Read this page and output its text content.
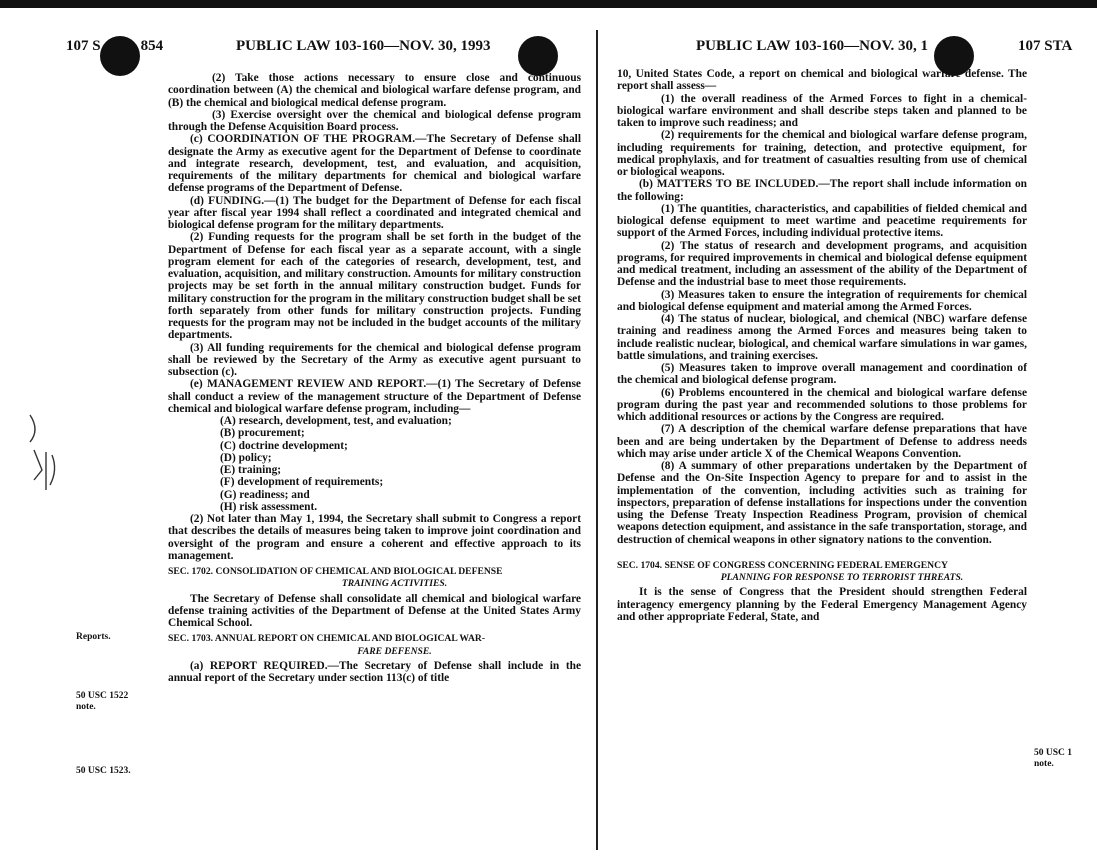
107 S	854	PUBLIC LAW 103-160—NOV. 30, 1993
Reports.
50 USC 1522
note.
50 USC 1523.

(2) Take those actions necessary to ensure close and continuous coordination between (A) the chemical and biological warfare defense program, and (B) the chemical and biological medical defense program.

(3) Exercise oversight over the chemical and biological defense program through the Defense Acquisition Board process.

(c) COORDINATION OF THE PROGRAM.—The Secretary of Defense shall designate the Army as executive agent for the Department of Defense to coordinate and integrate research, development, test, and evaluation, and acquisition, requirements of the military departments for chemical and biological warfare defense programs of the Department of Defense.

(d) FUNDING.—(1) The budget for the Department of Defense for each fiscal year after fiscal year 1994 shall reflect a coordinated and integrated chemical and biological defense program for the military departments.

(2) Funding requests for the program shall be set forth in the budget of the Department of Defense for each fiscal year as a separate account, with a single program element for each of the categories of research, development, test, and evaluation, acquisition, and military construction. Amounts for military construction projects may be set forth in the annual military construction budget. Funds for military construction for the program in the military construction budget shall be set forth separately from other funds for military construction projects. Funding requests for the program may not be included in the budget accounts of the military departments.

(3) All funding requirements for the chemical and biological defense program shall be reviewed by the Secretary of the Army as executive agent pursuant to subsection (c).

(e) MANAGEMENT REVIEW AND REPORT.—(1) The Secretary of Defense shall conduct a review of the management structure of the Department of Defense chemical and biological warfare defense program, including—

(A) research, development, test, and evaluation;

(B) procurement;

(C) doctrine development;

(D) policy;

(E) training;

(F) development of requirements;

(G) readiness; and

(H) risk assessment.

(2) Not later than May 1, 1994, the Secretary shall submit to Congress a report that describes the details of measures being taken to improve joint coordination and oversight of the program and ensure a coherent and effective approach to its management.

SEC. 1702. CONSOLIDATION OF CHEMICAL AND BIOLOGICAL DEFENSE
TRAINING ACTIVITIES.

The Secretary of Defense shall consolidate all chemical and biological warfare defense training activities of the Department of Defense at the United States Army Chemical School.

SEC. 1703. ANNUAL REPORT ON CHEMICAL AND BIOLOGICAL WAR-
FARE DEFENSE.

(a) REPORT REQUIRED.—The Secretary of Defense shall include in the annual report of the Secretary under section 113(c) of title

PUBLIC LAW 103-160—NOV. 30, 1	107 STA
50 USC 1
note.

10, United States Code, a report on chemical and biological warfare defense. The report shall assess—

(1) the overall readiness of the Armed Forces to fight in a chemical-biological warfare environment and shall describe steps taken and planned to be taken to improve such readiness; and

(2) requirements for the chemical and biological warfare defense program, including requirements for training, detection, and protective equipment, for medical prophylaxis, and for treatment of casualties resulting from use of chemical or biological weapons.

(b) MATTERS TO BE INCLUDED.—The report shall include information on the following:

(1) The quantities, characteristics, and capabilities of fielded chemical and biological defense equipment to meet wartime and peacetime requirements for support of the Armed Forces, including individual protective items.

(2) The status of research and development programs, and acquisition programs, for required improvements in chemical and biological defense equipment and medical treatment, including an assessment of the ability of the Department of Defense and the industrial base to meet those requirements.

(3) Measures taken to ensure the integration of requirements for chemical and biological defense equipment and material among the Armed Forces.

(4) The status of nuclear, biological, and chemical (NBC) warfare defense training and readiness among the Armed Forces and measures being taken to include realistic nuclear, biological, and chemical warfare simulations in war games, battle simulations, and training exercises.

(5) Measures taken to improve overall management and coordination of the chemical and biological defense program.

(6) Problems encountered in the chemical and biological warfare defense program during the past year and recommended solutions to those problems for which additional resources or actions by the Congress are required.

(7) A description of the chemical warfare defense preparations that have been and are being undertaken by the Department of Defense to address needs which may arise under article X of the Chemical Weapons Convention.

(8) A summary of other preparations undertaken by the Department of Defense and the On-Site Inspection Agency to prepare for and to assist in the implementation of the convention, including activities such as training for inspectors, preparation of defense installations for inspections under the convention using the Defense Treaty Inspection Readiness Program, provision of chemical weapons detection equipment, and assistance in the safe transportation, storage, and destruction of chemical weapons in other signatory nations to the convention.

SEC. 1704. SENSE OF CONGRESS CONCERNING FEDERAL EMERGENCY
PLANNING FOR RESPONSE TO TERRORIST THREATS.

It is the sense of Congress that the President should strengthen Federal interagency emergency planning by the Federal Emergency Management Agency and other appropriate Federal, State, and
